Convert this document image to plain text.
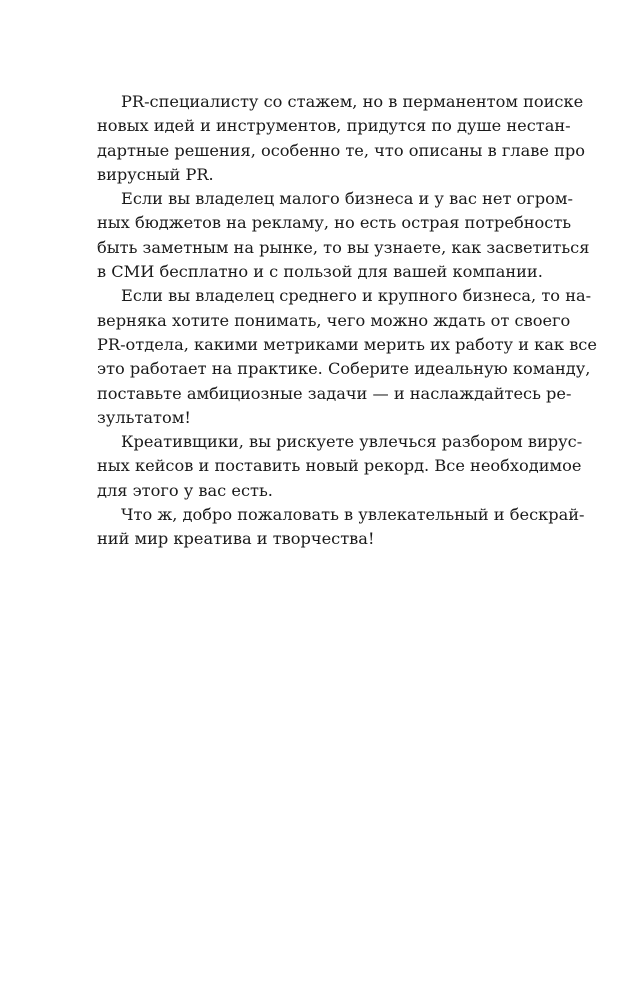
PR-специалисту со стажем, но в перманентом поиске
новых идей и инструментов, придутся по душе нестан-
дартные решения, особенно те, что описаны в главе про
вирусный PR.
Если вы владелец малого бизнеса и у вас нет огром-
ных бюджетов на рекламу, но есть острая потребность
быть заметным на рынке, то вы узнаете, как засветиться
в СМИ бесплатно и с пользой для вашей компании.
Если вы владелец среднего и крупного бизнеса, то на-
верняка хотите понимать, чего можно ждать от своего
PR-отдела, какими метриками мерить их работу и как все
это работает на практике. Соберите идеальную команду,
поставьте амбициозные задачи — и наслаждайтесь ре-
зультатом!
Креативщики, вы рискуете увлечься разбором вирус-
ных кейсов и поставить новый рекорд. Все необходимое
для этого у вас есть.
Что ж, добро пожаловать в увлекательный и бескрай-
ний мир креатива и творчества!
